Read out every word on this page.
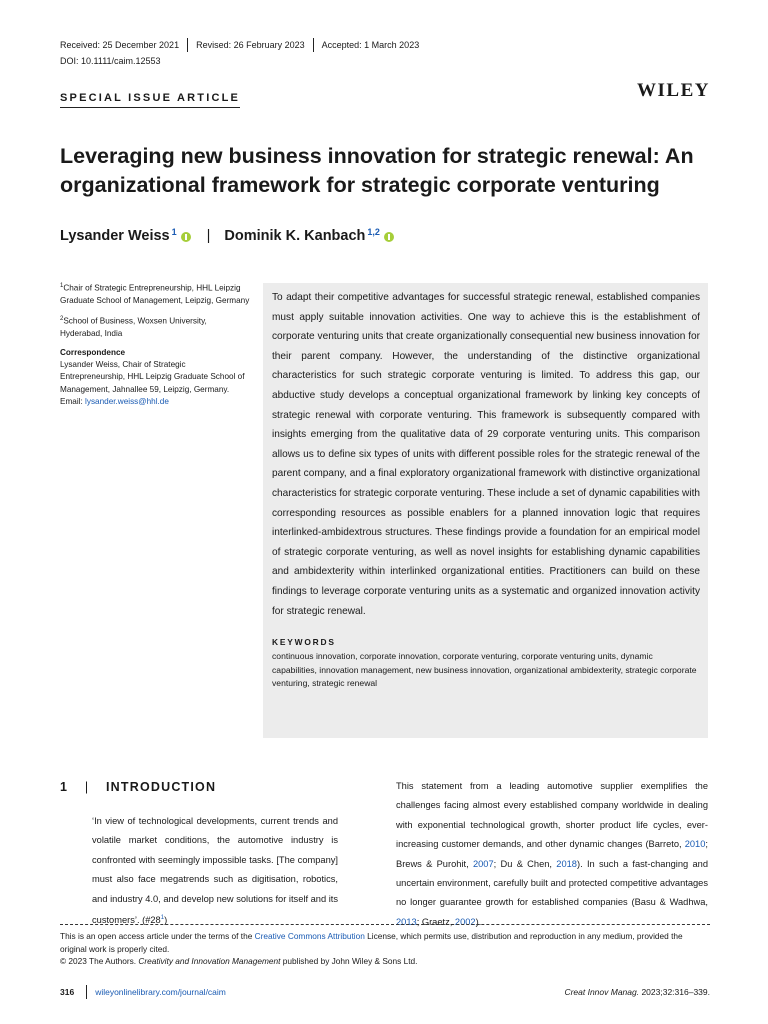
Received: 25 December 2021	Revised: 26 February 2023	Accepted: 1 March 2023
DOI: 10.1111/caim.12553
SPECIAL ISSUE ARTICLE	WILEY
Leveraging new business innovation for strategic renewal: An organizational framework for strategic corporate venturing
Lysander Weiss$^1$ | Dominik K. Kanbach$^{1,2}$

$^1$Chair of Strategic Entrepreneurship, HHL Leipzig Graduate School of Management, Leipzig, Germany

$^2$School of Business, Woxsen University, Hyderabad, India

Correspondence

Lysander Weiss, Chair of Strategic Entrepreneurship, HHL Leipzig Graduate School of Management, Jahnallee 59, Leipzig, Germany.
Email: lysander.weiss@hhl.de

To adapt their competitive advantages for successful strategic renewal, established companies must apply suitable innovation activities. One way to achieve this is the establishment of corporate venturing units that create organizationally consequential new business innovation for their parent company. However, the understanding of the distinctive organizational characteristics for such strategic corporate venturing is limited. To address this gap, our abductive study develops a conceptual organizational framework by linking key concepts of strategic renewal with corporate venturing. This framework is subsequently compared with insights emerging from the qualitative data of 29 corporate venturing units. This comparison allows us to define six types of units with different possible roles for the strategic renewal of the parent company, and a final exploratory organizational framework with distinctive organizational characteristics for strategic corporate venturing. These include a set of dynamic capabilities with corresponding resources as possible enablers for a planned innovation logic that requires interlinked-ambidextrous structures. These findings provide a foundation for an empirical model of strategic corporate venturing, as well as novel insights for establishing dynamic capabilities and ambidexterity within interlinked organizational entities. Practitioners can build on these findings to leverage corporate venturing units as a systematic and organized innovation activity for strategic renewal.

KEYWORDS
continuous innovation, corporate innovation, corporate venturing, corporate venturing units, dynamic capabilities, innovation management, new business innovation, organizational ambidexterity, strategic corporate venturing, strategic renewal
1 | INTRODUCTION
‘In view of technological developments, current trends and volatile market conditions, the automotive industry is confronted with seemingly impossible tasks. [The company] must also face megatrends such as digitisation, robotics, and industry 4.0, and develop new solutions for itself and its customers’. $(\#28^1)$
This statement from a leading automotive supplier exemplifies the challenges facing almost every established company worldwide in dealing with exponential technological growth, shorter product life cycles, ever-increasing customer demands, and other dynamic changes (Barreto, 2010; Brews & Purohit, 2007; Du & Chen, 2018). In such a fast-changing and uncertain environment, carefully built and protected competitive advantages no longer guarantee growth for established companies (Basu & Wadhwa, 2013; Graetz, 2002).
This is an open access article under the terms of the Creative Commons Attribution License, which permits use, distribution and reproduction in any medium, provided the original work is properly cited.
© 2023 The Authors. Creativity and Innovation Management published by John Wiley & Sons Ltd.
316 wileyonlinelibrary.com/journal/caim	Creat Innov Manag. 2023;32:316–339.
